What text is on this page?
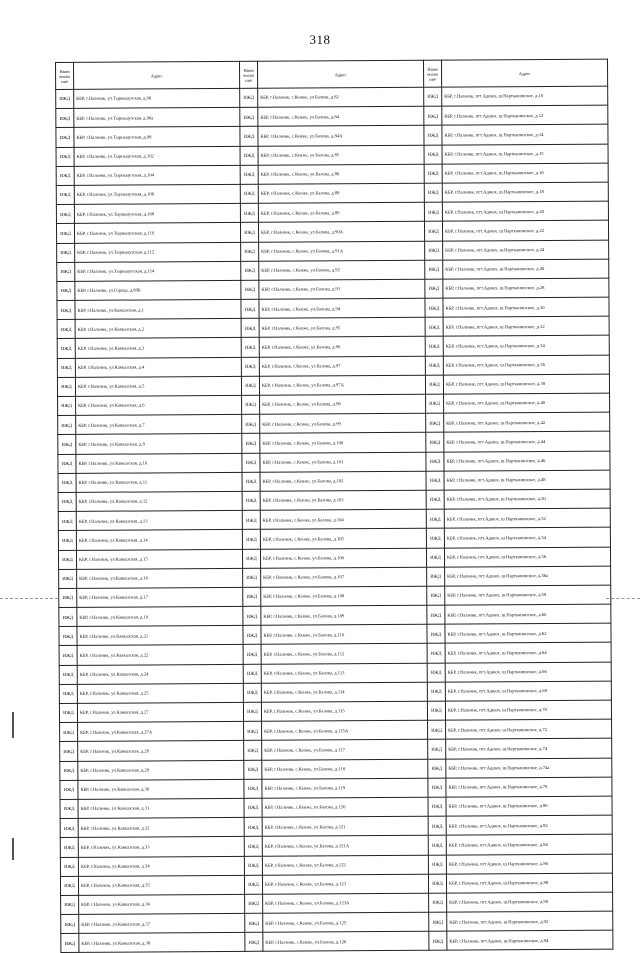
318
Наим енова ние	Адрес	Наим енова ние	Адрес	Наим енова ние	Адрес
ИЖД	КБР, г.Нальчик, ул.Тырныаузская, д.96	ИЖД	КБР, г.Нальчик, с.Кенже, ул.Балова, д.82	ИЖД	КБР, г.Нальчик, пгт.Адиюх, ш.Нартканинское, д.10
ИЖД	КБР, г.Нальчик, ул.Тырныаузская, д.96а	ИЖД	КБР, г.Нальчик, с.Кенже, ул.Балова, д.84	ИЖД	КБР, г.Нальчик, пгт.Адиюх, ш.Нартканинское, д.12
ИЖД	КБР, г.Нальчик, ул.Тырныаузская, д.98	ИЖД	КБР, г.Нальчик, с.Кенже, ул.Балова, д.84А	ИЖД	КБР, г.Нальчик, пгт.Адиюх, ш.Нартканинское, д.14
ИЖД	КБР, г.Нальчик, ул.Тырныаузская, д.102	ИЖД	КБР, г.Нальчик, с.Кенже, ул.Балова, д.85	ИЖД	КБР, г.Нальчик, пгт.Адиюх, ш.Нартканинское, д.15
ИЖД	КБР, г.Нальчик, ул.Тырныаузская, д.104	ИЖД	КБР, г.Нальчик, с.Кенже, ул.Балова, д.86	ИЖД	КБР, г.Нальчик, пгт.Адиюх, ш.Нартканинское, д.16
ИЖД	КБР, г.Нальчик, ул.Тырныаузская, д.106	ИЖД	КБР, г.Нальчик, с.Кенже, ул.Балова, д.88	ИЖД	КБР, г.Нальчик, пгт.Адиюх, ш.Нартканинское, д.18
ИЖД	КБР, г.Нальчик, ул.Тырныаузская, д.108	ИЖД	КБР, г.Нальчик, с.Кенже, ул.Балова, д.89	ИЖД	КБР, г.Нальчик, пгт.Адиюх, ш.Нартканинское, д.20
ИЖД	КБР, г.Нальчик, ул.Тырныаузская, д.110	ИЖД	КБР, г.Нальчик, с.Кенже, ул.Балова, д.90А	ИЖД	КБР, г.Нальчик, пгт.Адиюх, ш.Нартканинское, д.22
ИЖД	КБР, г.Нальчик, ул.Тырныаузская, д.112	ИЖД	КБР, г.Нальчик, с.Кенже, ул.Балова, д.91А	ИЖД	КБР, г.Нальчик, пгт.Адиюх, ш.Нартканинское, д.24
ИЖД	КБР, г.Нальчик, ул.Тырныаузская, д.114	ИЖД	КБР, г.Нальчик, с.Кенже, ул.Балова, д.92	ИЖД	КБР, г.Нальчик, пгт.Адиюх, ш.Нартканинское, д.26
ИЖД	КБР, г.Нальчик, ул.Гореца, д.69Б	ИЖД	КБР, г.Нальчик, с.Кенже, ул.Балова, д.93	ИЖД	КБР, г.Нальчик, пгт.Адиюх, ш.Нартканинское, д.28
ИЖД	КБР, г.Нальчик, ул.Кавказская, д.1	ИЖД	КБР, г.Нальчик, с.Кенже, ул.Балова, д.94	ИЖД	КБР, г.Нальчик, пгт.Адиюх, ш.Нартканинское, д.30
ИЖД	КБР, г.Нальчик, ул.Кавказская, д.2	ИЖД	КБР, г.Нальчик, с.Кенже, ул.Балова, д.95	ИЖД	КБР, г.Нальчик, пгт.Адиюх, ш.Нартканинское, д.32
ИЖД	КБР, г.Нальчик, ул.Кавказская, д.3	ИЖД	КБР, г.Нальчик, с.Кенже, ул.Балова, д.96	ИЖД	КБР, г.Нальчик, пгт.Адиюх, ш.Нартканинское, д.34
ИЖД	КБР, г.Нальчик, ул.Кавказская, д.4	ИЖД	КБР, г.Нальчик, с.Кенже, ул.Балова, д.97	ИЖД	КБР, г.Нальчик, пгт.Адиюх, ш.Нартканинское, д.36
ИЖД	КБР, г.Нальчик, ул.Кавказская, д.5	ИЖД	КБР, г.Нальчик, с.Кенже, ул.Балова, д.97А	ИЖД	КБР, г.Нальчик, пгт.Адиюх, ш.Нартканинское, д.38
ИЖД	КБР, г.Нальчик, ул.Кавказская, д.6	ИЖД	КБР, г.Нальчик, с.Кенже, ул.Балова, д.98	ИЖД	КБР, г.Нальчик, пгт.Адиюх, ш.Нартканинское, д.40
ИЖД	КБР, г.Нальчик, ул.Кавказская, д.7	ИЖД	КБР, г.Нальчик, с.Кенже, ул.Балова, д.99	ИЖД	КБР, г.Нальчик, пгт.Адиюх, ш.Нартканинское, д.42
ИЖД	КБР, г.Нальчик, ул.Кавказская, д.8	ИЖД	КБР, г.Нальчик, с.Кенже, ул.Балова, д.100	ИЖД	КБР, г.Нальчик, пгт.Адиюх, ш.Нартканинское, д.44
ИЖД	КБР, г.Нальчик, ул.Кавказская, д.10	ИЖД	КБР, г.Нальчик, с.Кенже, ул.Балова, д.101	ИЖД	КБР, г.Нальчик, пгт.Адиюх, ш.Нартканинское, д.46
ИЖД	КБР, г.Нальчик, ул.Кавказская, д.11	ИЖД	КБР, г.Нальчик, с.Кенже, ул.Балова, д.102	ИЖД	КБР, г.Нальчик, пгт.Адиюх, ш.Нартканинское, д.48
ИЖД	КБР, г.Нальчик, ул.Кавказская, д.12	ИЖД	КБР, г.Нальчик, с.Кенже, ул.Балова, д.103	ИЖД	КБР, г.Нальчик, пгт.Адиюх, ш.Нартканинское, д.50
ИЖД	КБР, г.Нальчик, ул.Кавказская, д.13	ИЖД	КБР, г.Нальчик, с.Кенже, ул.Балова, д.104	ИЖД	КБР, г.Нальчик, пгт.Адиюх, ш.Нартканинское, д.52
ИЖД	КБР, г.Нальчик, ул.Кавказская, д.14	ИЖД	КБР, г.Нальчик, с.Кенже, ул.Балова, д.105	ИЖД	КБР, г.Нальчик, пгт.Адиюх, ш.Нартканинское, д.54
ИЖД	КБР, г.Нальчик, ул.Кавказская, д.15	ИЖД	КБР, г.Нальчик, с.Кенже, ул.Балова, д.106	ИЖД	КБР, г.Нальчик, пгт.Адиюх, ш.Нартканинское, д.56
ИЖД	КБР, г.Нальчик, ул.Кавказская, д.16	ИЖД	КБР, г.Нальчик, с.Кенже, ул.Балова, д.107	ИЖД	КБР, г.Нальчик, пгт.Адиюх, ш.Нартканинское, д.56а
ИЖД	КБР, г.Нальчик, ул.Кавказская, д.17	ИЖД	КБР, г.Нальчик, с.Кенже, ул.Балова, д.108	ИЖД	КБР, г.Нальчик, пгт.Адиюх, ш.Нартканинское, д.58
ИЖД	КБР, г.Нальчик, ул.Кавказская, д.19	ИЖД	КБР, г.Нальчик, с.Кенже, ул.Балова, д.109	ИЖД	КБР, г.Нальчик, пгт.Адиюх, ш.Нартканинское, д.60
ИЖД	КБР, г.Нальчик, ул.Кавказская, д.21	ИЖД	КБР, г.Нальчик, с.Кенже, ул.Балова, д.110	ИЖД	КБР, г.Нальчик, пгт.Адиюх, ш.Нартканинское, д.62
ИЖД	КБР, г.Нальчик, ул.Кавказская, д.22	ИЖД	КБР, г.Нальчик, с.Кенже, ул.Балова, д.112	ИЖД	КБР, г.Нальчик, пгт.Адиюх, ш.Нартканинское, д.64
ИЖД	КБР, г.Нальчик, ул.Кавказская, д.24	ИЖД	КБР, г.Нальчик, с.Кенже, ул.Балова, д.113	ИЖД	КБР, г.Нальчик, пгт.Адиюх, ш.Нартканинское, д.66
ИЖД	КБР, г.Нальчик, ул.Кавказская, д.25	ИЖД	КБР, г.Нальчик, с.Кенже, ул.Балова, д.114	ИЖД	КБР, г.Нальчик, пгт.Адиюх, ш.Нартканинское, д.68
ИЖД	КБР, г.Нальчик, ул.Кавказская, д.27	ИЖД	КБР, г.Нальчик, с.Кенже, ул.Балова, д.115	ИЖД	КБР, г.Нальчик, пгт.Адиюх, ш.Нартканинское, д.70
ИЖД	КБР, г.Нальчик, ул.Кавказская, д.27А	ИЖД	КБР, г.Нальчик, с.Кенже, ул.Балова, д.115А	ИЖД	КБР, г.Нальчик, пгт.Адиюх, ш.Нартканинское, д.72
ИЖД	КБР, г.Нальчик, ул.Кавказская, д.28	ИЖД	КБР, г.Нальчик, с.Кенже, ул.Балова, д.117	ИЖД	КБР, г.Нальчик, пгт.Адиюх, ш.Нартканинское, д.74
ИЖД	КБР, г.Нальчик, ул.Кавказская, д.29	ИЖД	КБР, г.Нальчик, с.Кенже, ул.Балова, д.118	ИЖД	КБР, г.Нальчик, пгт.Адиюх, ш.Нартканинское, д.74а
ИЖД	КБР, г.Нальчик, ул.Кавказская, д.30	ИЖД	КБР, г.Нальчик, с.Кенже, ул.Балова, д.119	ИЖД	КБР, г.Нальчик, пгт.Адиюх, ш.Нартканинское, д.78
ИЖД	КБР, г.Нальчик, ул.Кавказская, д.31	ИЖД	КБР, г.Нальчик, с.Кенже, ул.Балова, д.120	ИЖД	КБР, г.Нальчик, пгт.Адиюх, ш.Нартканинское, д.80
ИЖД	КБР, г.Нальчик, ул.Кавказская, д.32	ИЖД	КБР, г.Нальчик, с.Кенже, ул.Балова, д.121	ИЖД	КБР, г.Нальчик, пгт.Адиюх, ш.Нартканинское, д.82
ИЖД	КБР, г.Нальчик, ул.Кавказская, д.33	ИЖД	КБР, г.Нальчик, с.Кенже, ул.Балова, д.121А	ИЖД	КБР, г.Нальчик, пгт.Адиюх, ш.Нартканинское, д.84
ИЖД	КБР, г.Нальчик, ул.Кавказская, д.34	ИЖД	КБР, г.Нальчик, с.Кенже, ул.Балова, д.122	ИЖД	КБР, г.Нальчик, пгт.Адиюх, ш.Нартканинское, д.86
ИЖД	КБР, г.Нальчик, ул.Кавказская, д.35	ИЖД	КБР, г.Нальчик, с.Кенже, ул.Балова, д.123	ИЖД	КБР, г.Нальчик, пгт.Адиюх, ш.Нартканинское, д.88
ИЖД	КБР, г.Нальчик, ул.Кавказская, д.36	ИЖД	КБР, г.Нальчик, с.Кенже, ул.Балова, д.123А	ИЖД	КБР, г.Нальчик, пгт.Адиюх, ш.Нартканинское, д.90
ИЖД	КБР, г.Нальчик, ул.Кавказская, д.37	ИЖД	КБР, г.Нальчик, с.Кенже, ул.Балова, д.125	ИЖД	КБР, г.Нальчик, пгт.Адиюх, ш.Нартканинское, д.92
ИЖД	КБР, г.Нальчик, ул.Кавказская, д.38	ИЖД	КБР, г.Нальчик, с.Кенже, ул.Балова, д.126	ИЖД	КБР, г.Нальчик, пгт.Адиюх, ш.Нартканинское, д.94
